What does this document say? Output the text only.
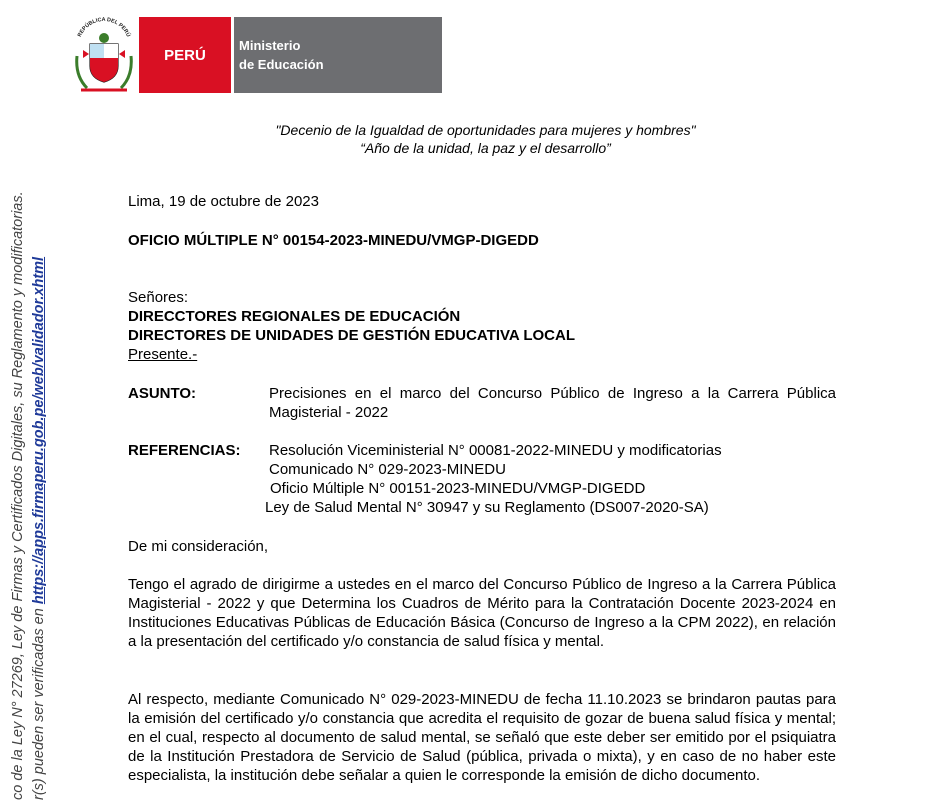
co de la Ley N° 27269, Ley de Firmas y Certificados Digitales, su Reglamento y modificatorias. r(s) pueden ser verificadas en https://apps.firmaperu.gob.pe/web/validador.xhtml
REPÚBLICA DEL PERÚ
PERÚ
Ministerio
de Educación
"Decenio de la Igualdad de oportunidades para mujeres y hombres"
“Año de la unidad, la paz y el desarrollo”
Lima, 19 de octubre de 2023
OFICIO MÚLTIPLE N° 00154-2023-MINEDU/VMGP-DIGEDD
Señores:
DIRECCTORES REGIONALES DE EDUCACIÓN
DIRECTORES DE UNIDADES DE GESTIÓN EDUCATIVA LOCAL
Presente.-
ASUNTO:	Precisiones en el marco del Concurso Público de Ingreso a la Carrera Pública Magisterial - 2022
REFERENCIAS:	Resolución Viceministerial N° 00081-2022-MINEDU y modificatorias
Comunicado N° 029-2023-MINEDU
Oficio Múltiple N° 00151-2023-MINEDU/VMGP-DIGEDD
Ley de Salud Mental N° 30947 y su Reglamento (DS007-2020-SA)
De mi consideración,
Tengo el agrado de dirigirme a ustedes en el marco del Concurso Público de Ingreso a la Carrera Pública Magisterial - 2022 y que Determina los Cuadros de Mérito para la Contratación Docente 2023-2024 en Instituciones Educativas Públicas de Educación Básica (Concurso de Ingreso a la CPM 2022), en relación a la presentación del certificado y/o constancia de salud física y mental.
Al respecto, mediante Comunicado N° 029-2023-MINEDU de fecha 11.10.2023 se brindaron pautas para la emisión del certificado y/o constancia que acredita el requisito de gozar de buena salud física y mental; en el cual, respecto al documento de salud mental, se señaló que este deber ser emitido por el psiquiatra de la Institución Prestadora de Servicio de Salud (pública, privada o mixta), y en caso de no haber este especialista, la institución debe señalar a quien le corresponde la emisión de dicho documento.
